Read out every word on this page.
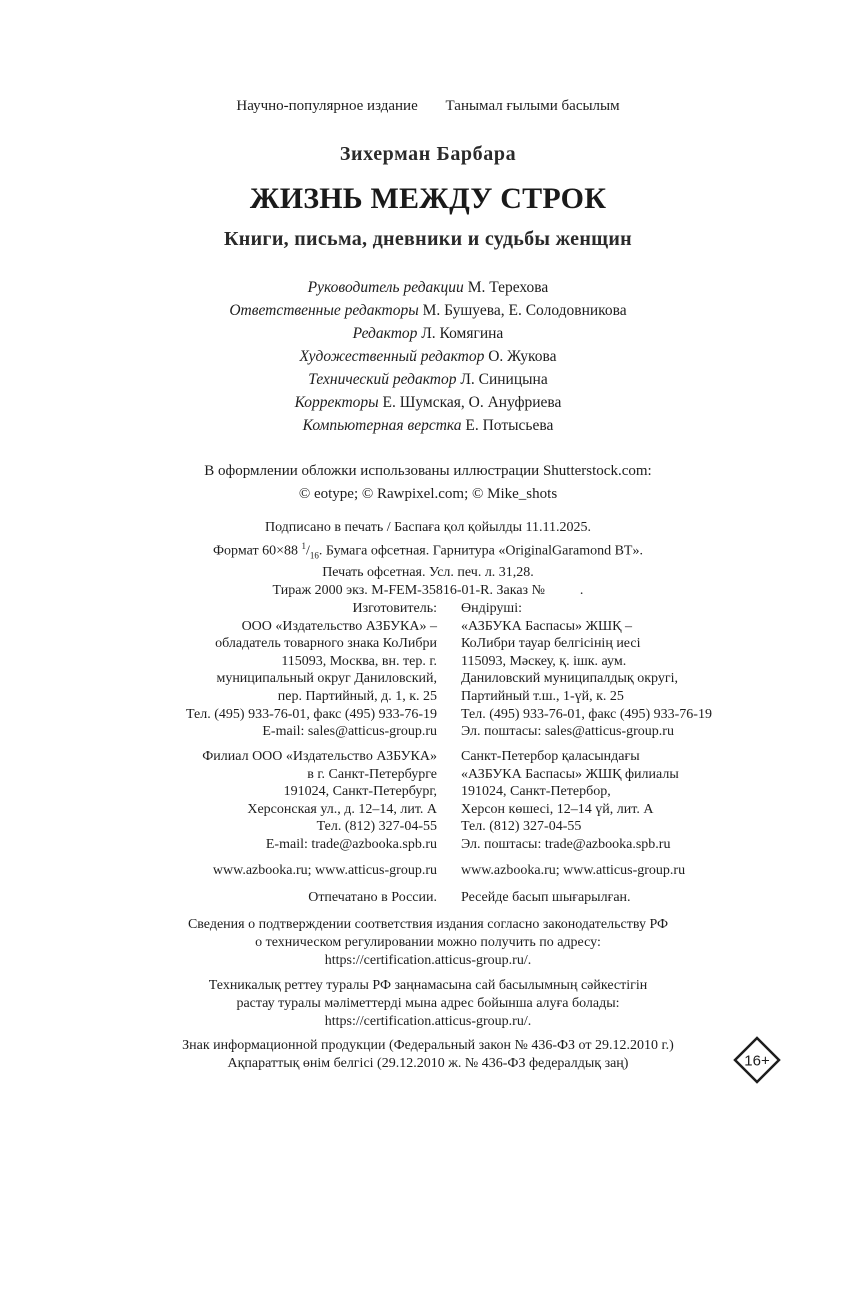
Научно-популярное издание Танымал ғылыми басылым
Зихерман Барбара
ЖИЗНЬ МЕЖДУ СТРОК
Книги, письма, дневники и судьбы женщин
Руководитель редакции М. Терехова
Ответственные редакторы М. Бушуева, Е. Солодовникова
Редактор Л. Комягина
Художественный редактор О. Жукова
Технический редактор Л. Синицына
Корректоры Е. Шумская, О. Ануфриева
Компьютерная верстка Е. Потысьева
В оформлении обложки использованы иллюстрации Shutterstock.com:
© eotype; © Rawpixel.com; © Mike_shots
Подписано в печать / Баспаға қол қойылды 11.11.2025.
Формат 60×88 $^1/_{16}$. Бумага офсетная. Гарнитура «OriginalGaramond BT».
Печать офсетная. Усл. печ. л. 31,28.
Тираж 2000 экз. M-FEM-35816-01-R. Заказ №          .
Изготовитель:
ООО «Издательство АЗБУКА» –
обладатель товарного знака КоЛибри
115093, Москва, вн. тер. г.
муниципальный округ Даниловский,
пер. Партийный, д. 1, к. 25
Тел. (495) 933-76-01, факс (495) 933-76-19
E-mail: sales@atticus-group.ru
Өндіруші:
«АЗБУКА Баспасы» ЖШҚ –
КоЛибри тауар белгісінің иесі
115093, Мәскеу, қ. ішк. аум.
Даниловский муниципалдық округі,
Партийный т.ш., 1-үй, к. 25
Тел. (495) 933-76-01, факс (495) 933-76-19
Эл. поштасы: sales@atticus-group.ru
Филиал ООО «Издательство АЗБУКА»
в г. Санкт-Петербурге
191024, Санкт-Петербург,
Херсонская ул., д. 12–14, лит. А
Тел. (812) 327-04-55
E-mail: trade@azbooka.spb.ru
Санкт-Петербор қаласындағы
«АЗБУКА Баспасы» ЖШҚ филиалы
191024, Санкт-Петербор,
Херсон көшесі, 12–14 үй, лит. А
Тел. (812) 327-04-55
Эл. поштасы: trade@azbooka.spb.ru
www.azbooka.ru; www.atticus-group.ru www.azbooka.ru; www.atticus-group.ru
Отпечатано в России. Ресейде басып шығарылған.
Сведения о подтверждении соответствия издания согласно законодательству РФ
о техническом регулировании можно получить по адресу:
https://certification.atticus-group.ru/.
Техникалық реттеу туралы РФ заңнамасына сай басылымның сәйкестігін
растау туралы мәліметтерді мына адрес бойынша алуға болады:
https://certification.atticus-group.ru/.
Знак информационной продукции (Федеральный закон № 436-ФЗ от 29.12.2010 г.)
Ақпараттық өнім белгісі (29.12.2010 ж. № 436-ФЗ федералдық заң)	16+
